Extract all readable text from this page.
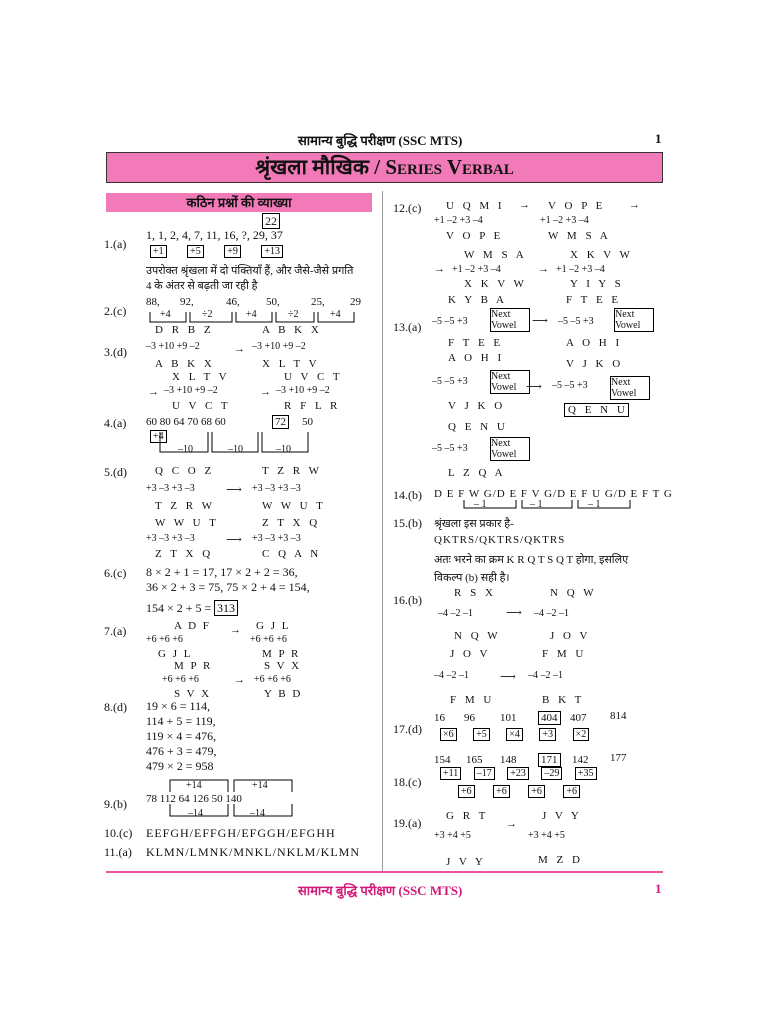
सामान्य बुद्धि परीक्षण (SSC MTS)	1
श्रृंखला मौखिक / Series Verbal
कठिन प्रश्नों की व्याख्या
1.(a)
22
1, 1, 2, 4, 7, 11, 16, ?, 29, 37
+1	+5	+9	+13
उपरोक्त श्रृंखला में दो पंक्तियाँ हैं, और जैसे-जैसे प्रगति
4 के अंतर से बढ़ती जा रही है
2.(c)
88, 92,	46, 50,	25, 29
+4	÷2	+4	÷2	+4
D R B Z	A B K X
3.(d) –3 +10 +9 –2	→ –3 +10 +9 –2
A B K X	X L T V
X L T V	U V C T
→ –3 +10 +9 –2	→ –3 +10 +9 –2
U V C T	R F L R
4.(a) 60 80 64 70 68 60	72 50
+4
–10	–10	–10
Q C O Z	T Z R W
5.(d)
+3 –3 +3 –3	⟶ +3 –3 +3 –3
T Z R W	W W U T
W W U T	Z T X Q
+3 –3 +3 –3	⟶ +3 –3 +3 –3
Z T X Q	C Q A N
6.(c) 8 × 2 + 1 = 17, 17 × 2 + 2 = 36,
36 × 2 + 3 = 75, 75 × 2 + 4 = 154,
154 × 2 + 5 = 313
A D F → G J L
7.(a)
+6 +6 +6	+6 +6 +6
G J L	M P R
M P R	S V X
+6 +6 +6	→ +6 +6 +6
S V X	Y B D
8.(d) 19 × 6 = 114,
114 + 5 = 119,
119 × 4 = 476,
476 + 3 = 479,
479 × 2 = 958
+14	+14
9.(b) 78 112 64 126 50 140
–14	–14
10.(c) EEFGH/EFFGH/EFGGH/EFGHH
11.(a) KLMN/LMNK/MNKL/NKLM/KLMN
12.(c) U Q M I → V O P E →
+1 –2 +3 –4	+1 –2 +3 –4
V O P E	W M S A
W M S A	X K V W
→ +1 –2 +3 –4	→ +1 –2 +3 –4
X K V W	Y I Y S
K Y B A	F T E E
13.(a) –5 –5 +3
Next Vowel	⟶ –5 –5 +3
Next Vowel
F T E E	A O H I
A O H I	V J K O
–5 –5 +3 Next Vowel ⟶ –5 –5 +3 Next Vowel
V J K O	Q E N U
Q E N U
–5 –5 +3 Next Vowel
L Z Q A
14.(b) D E F W G/D E F V G/D E F U G/D E F T G
– 1	– 1	– 1
15.(b) श्रृंखला इस प्रकार है-
QKTRS/QKTRS/QKTRS
अतः भरने का क्रम K R Q T S Q T होगा, इसलिए
विकल्प (b) सही है।
R S X	N Q W
16.(b)
–4 –2 –1	⟶ –4 –2 –1
N Q W	J O V
J O V	F M U
–4 –2 –1	⟶ –4 –2 –1
F M U	B K T
16 96 101 404 407 814
17.(d)	×6 +5 ×4 +3 ×2
154 165 148 171 142 177
+11 –17 +23 –29 +35
18.(c)
+6 +6 +6 +6
G R T	J V Y
19.(a)
+3 +4 +5
→
+3 +4 +5
J V Y	M Z D
सामान्य बुद्धि परीक्षण (SSC MTS)	1
